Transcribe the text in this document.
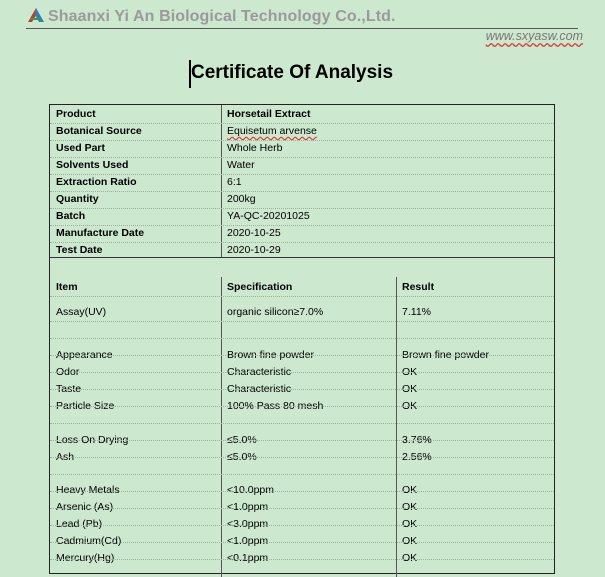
Shaanxi Yi An Biological Technology Co.,Ltd.
www.sxyasw.com
Certificate Of Analysis
Product	Horsetail Extract
Botanical Source	Equisetum arvense
Used Part	Whole Herb
Solvents Used	Water
Extraction Ratio	6:1
Quantity	200kg
Batch	YA-QC-20201025
Manufacture Date	2020-10-25
Test Date	2020-10-29
Item	Specification	Result
Assay(UV)	organic silicon≥7.0%	7.11%
Appearance	Brown fine powder	Brown fine powder
Odor	Characteristic	OK
Taste	Characteristic	OK
Particle Size	100% Pass 80 mesh	OK
Loss On Drying	≤5.0%	3.76%
Ash	≤5.0%	2.56%
Heavy Metals	<10.0ppm	OK
Arsenic (As)	<1.0ppm	OK
Lead (Pb)	<3.0ppm	OK
Cadmium(Cd)	<1.0ppm	OK
Mercury(Hg)	<0.1ppm	OK
